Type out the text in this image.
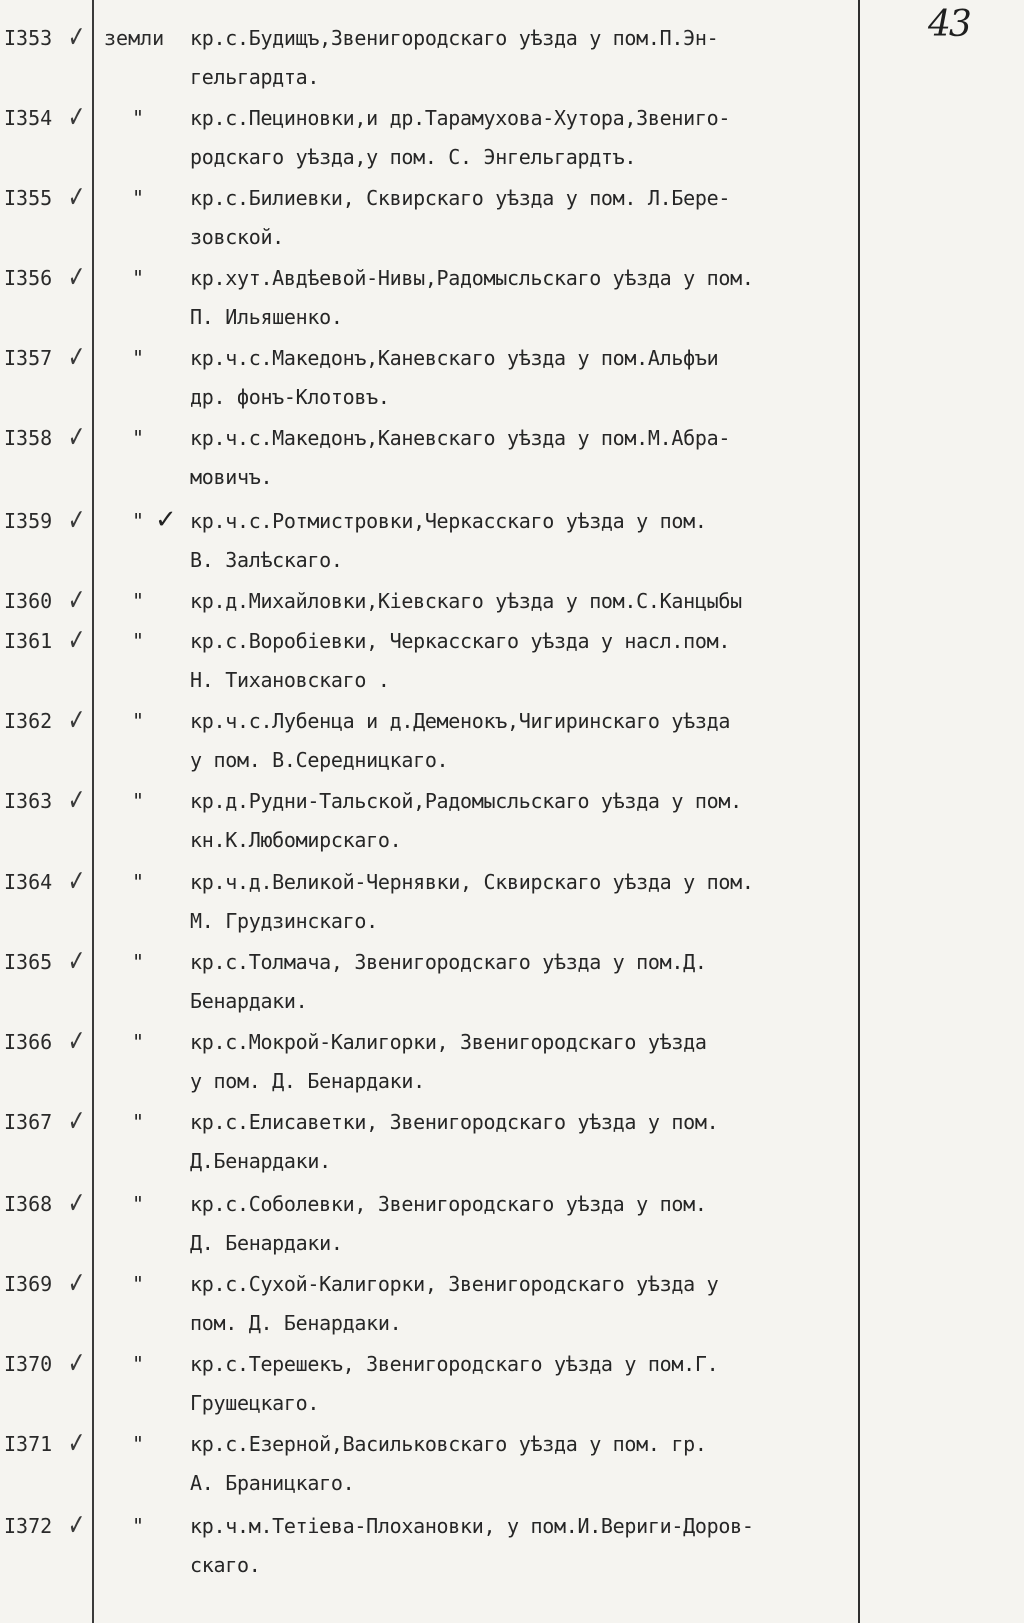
43
I353 ✓ земли кр.с.Будищъ,Звенигородскаго уѣзда у пом.П.Эн-
гельгардта.
I354 ✓ " кр.с.Пециновки,и др.Тарамухова-Хутора,Звениго-
родскаго уѣзда,у пом. С. Энгельгардтъ.
I355 ✓ " кр.с.Билиевки, Сквирскаго уѣзда у пом. Л.Бере-
зовской.
I356 ✓ " кр.хут.Авдѣевой-Нивы,Радомысльскаго уѣзда у пом.
П. Ильяшенко.
I357 ✓ " кр.ч.с.Македонъ,Каневскаго уѣзда у пом.Альфъи
др. фонъ-Клотовъ.
I358 ✓ " кр.ч.с.Македонъ,Каневскаго уѣзда у пом.М.Абра-
мовичъ.
I359 ✓ " ✓ кр.ч.с.Ротмистровки,Черкасскаго уѣзда у пом.
В. Залѣскаго.
I360 ✓ " кр.д.Михайловки,Кіевскаго уѣзда у пом.С.Канцыбы
I361 ✓ " кр.с.Воробіевки, Черкасскаго уѣзда у насл.пом.
Н. Тихановскаго .
I362 ✓ " кр.ч.с.Лубенца и д.Деменокъ,Чигиринскаго уѣзда
у пом. В.Середницкаго.
I363 ✓ " кр.д.Рудни-Тальской,Радомысльскаго уѣзда у пом.
кн.К.Любомирскаго.
I364 ✓ " кр.ч.д.Великой-Чернявки, Сквирскаго уѣзда у пом.
М. Грудзинскаго.
I365 ✓ " кр.с.Толмача, Звенигородскаго уѣзда у пом.Д.
Бенардаки.
I366 ✓ " кр.с.Мокрой-Калигорки, Звенигородскаго уѣзда
у пом. Д. Бенардаки.
I367 ✓ " кр.с.Елисаветки, Звенигородскаго уѣзда у пом.
Д.Бенардаки.
I368 ✓ " кр.с.Соболевки, Звенигородскаго уѣзда у пом.
Д. Бенардаки.
I369 ✓ " кр.с.Сухой-Калигорки, Звенигородскаго уѣзда у
пом. Д. Бенардаки.
I370 ✓ " кр.с.Терешекъ, Звенигородскаго уѣзда у пом.Г.
Грушецкаго.
I371 ✓ " кр.с.Езерной,Васильковскаго уѣзда у пом. гр.
А. Браницкаго.
I372 ✓ " кр.ч.м.Тетіева-Плохановки, у пом.И.Вериги-Доров-
скаго.
